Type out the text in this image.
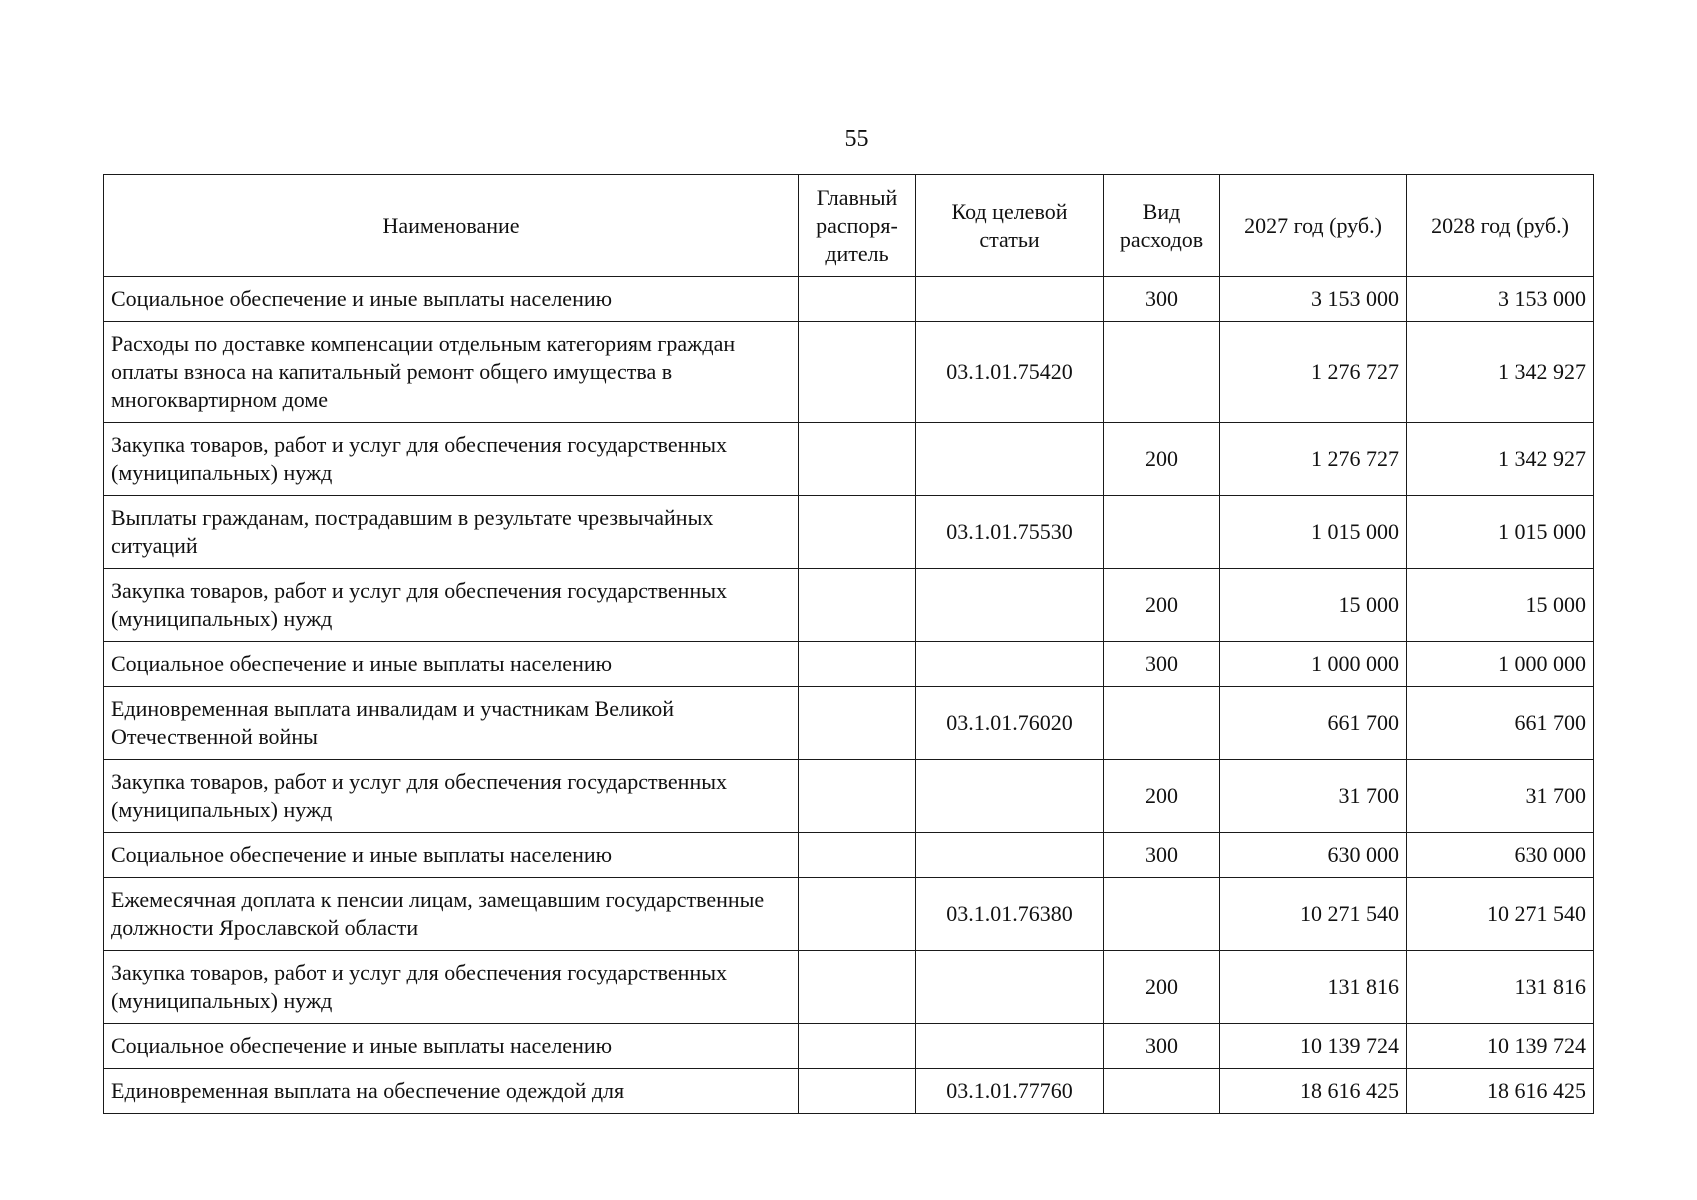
55
Наименование	Главный распоря-дитель	Код целевой статьи	Вид расходов	2027 год (руб.)	2028 год (руб.)
Социальное обеспечение и иные выплаты населению			300	3 153 000	3 153 000
Расходы по доставке компенсации отдельным категориям граждан оплаты взноса на капитальный ремонт общего имущества в многоквартирном доме		03.1.01.75420		1 276 727	1 342 927
Закупка товаров, работ и услуг для обеспечения государственных (муниципальных) нужд			200	1 276 727	1 342 927
Выплаты гражданам, пострадавшим в результате чрезвычайных ситуаций		03.1.01.75530		1 015 000	1 015 000
Закупка товаров, работ и услуг для обеспечения государственных (муниципальных) нужд			200	15 000	15 000
Социальное обеспечение и иные выплаты населению			300	1 000 000	1 000 000
Единовременная выплата инвалидам и участникам Великой Отечественной войны		03.1.01.76020		661 700	661 700
Закупка товаров, работ и услуг для обеспечения государственных (муниципальных) нужд			200	31 700	31 700
Социальное обеспечение и иные выплаты населению			300	630 000	630 000
Ежемесячная доплата к пенсии лицам, замещавшим государственные должности Ярославской области		03.1.01.76380		10 271 540	10 271 540
Закупка товаров, работ и услуг для обеспечения государственных (муниципальных) нужд			200	131 816	131 816
Социальное обеспечение и иные выплаты населению			300	10 139 724	10 139 724
Единовременная выплата на обеспечение одеждой для		03.1.01.77760		18 616 425	18 616 425
